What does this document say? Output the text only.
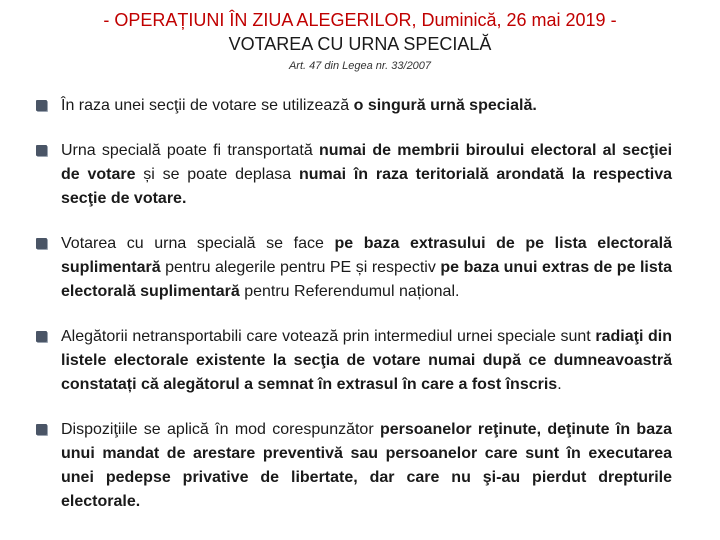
- OPERAȚIUNI ÎN ZIUA ALEGERILOR, Duminică, 26 mai 2019 -
VOTAREA CU URNA SPECIALĂ
Art. 47 din Legea nr. 33/2007
În raza unei secţii de votare se utilizează o singură urnă specială.
Urna specială poate fi transportată numai de membrii biroului electoral al secţiei de votare și se poate deplasa numai în raza teritorială arondată la respectiva secţie de votare.
Votarea cu urna specială se face pe baza extrasului de pe lista electorală suplimentară pentru alegerile pentru PE și respectiv pe baza unui extras de pe lista electorală suplimentară pentru Referendumul național.
Alegătorii netransportabili care votează prin intermediul urnei speciale sunt radiaţi din listele electorale existente la secţia de votare numai după ce dumneavoastră constatați că alegătorul a semnat în extrasul în care a fost înscris.
Dispoziţiile se aplică în mod corespunzător persoanelor reţinute, deţinute în baza unui mandat de arestare preventivă sau persoanelor care sunt în executarea unei pedepse privative de libertate, dar care nu şi-au pierdut drepturile electorale.
